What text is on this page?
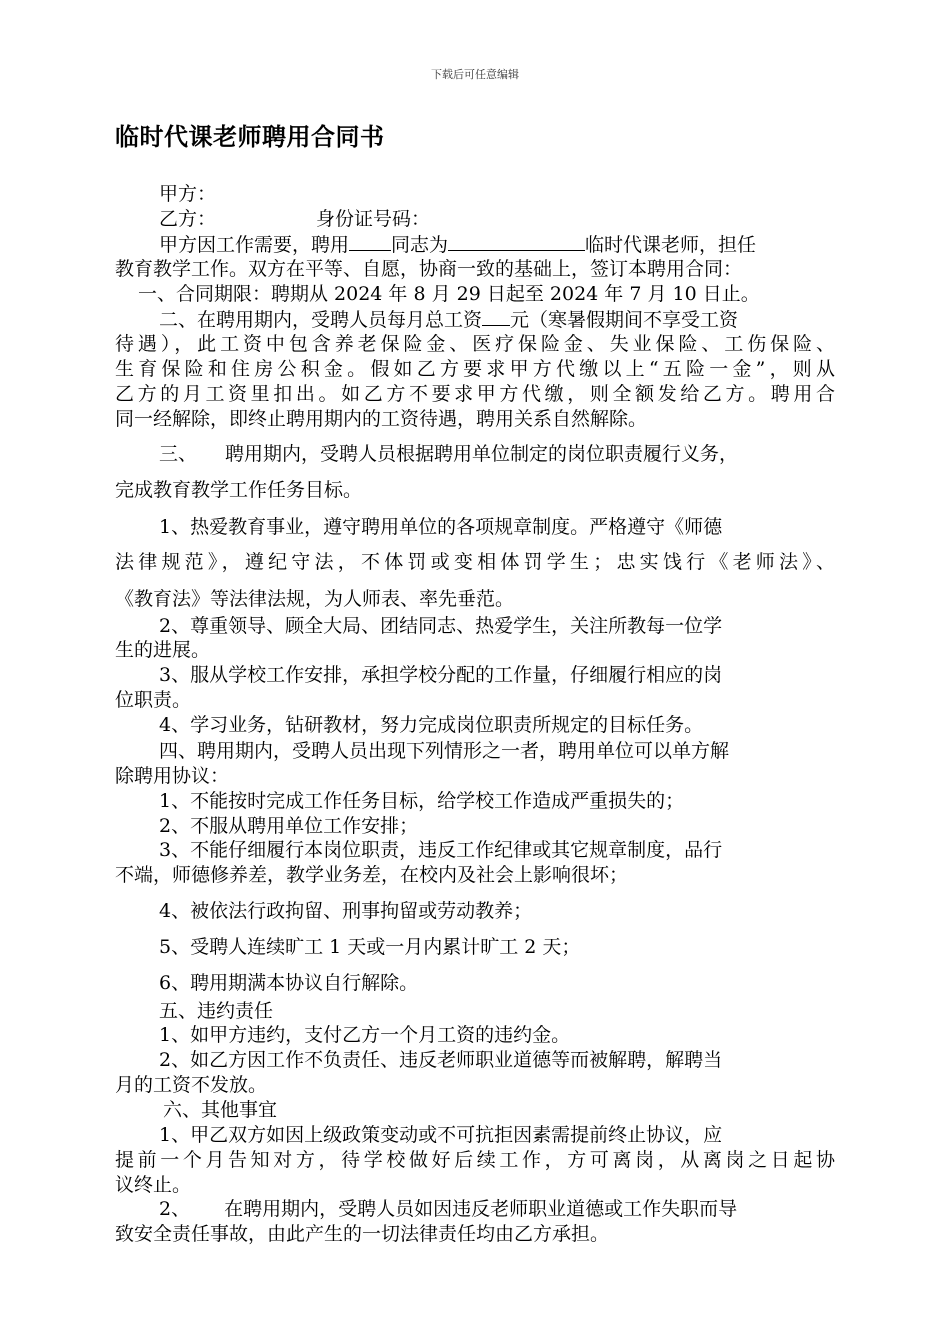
下载后可任意编辑
临时代课老师聘用合同书
甲方：
乙方：	身份证号码：
甲方因工作需要，聘用 同志为	临时代课老师，担任
教育教学工作。双方在平等、自愿，协商一致的基础上，签订本聘用合同：
一、合同期限：聘期从 2024 年 8 月 29 日起至 2024 年 7 月 10 日止。
二、在聘用期内，受聘人员每月总工资 元（寒暑假期间不享受工资
待遇），此工资中包含养老保险金、医疗保险金、失业保险、工伤保险、
生育保险和住房公积金。假如乙方要求甲方代缴以上“五险一金”，则从
乙方的月工资里扣出。如乙方不要求甲方代缴，则全额发给乙方。聘用合
同一经解除，即终止聘用期内的工资待遇，聘用关系自然解除。
三、 聘用期内，受聘人员根据聘用单位制定的岗位职责履行义务，
完成教育教学工作任务目标。
1、热爱教育事业，遵守聘用单位的各项规章制度。严格遵守《师德
法律规范》，遵纪守法，不体罚或变相体罚学生；忠实饯行《老师法》、
《教育法》等法律法规，为人师表、率先垂范。
2、尊重领导、顾全大局、团结同志、热爱学生，关注所教每一位学
生的进展。
3、服从学校工作安排，承担学校分配的工作量，仔细履行相应的岗
位职责。
4、学习业务，钻研教材，努力完成岗位职责所规定的目标任务。
四、聘用期内，受聘人员出现下列情形之一者，聘用单位可以单方解
除聘用协议：
1、不能按时完成工作任务目标，给学校工作造成严重损失的；
2、不服从聘用单位工作安排；
3、不能仔细履行本岗位职责，违反工作纪律或其它规章制度，品行
不端，师德修养差，教学业务差，在校内及社会上影响很坏；
4、被依法行政拘留、刑事拘留或劳动教养；
5、受聘人连续旷工 1 天或一月内累计旷工 2 天；
6、聘用期满本协议自行解除。
五、违约责任
1、如甲方违约，支付乙方一个月工资的违约金。
2、如乙方因工作不负责任、违反老师职业道德等而被解聘，解聘当
月的工资不发放。
六、其他事宜
1、甲乙双方如因上级政策变动或不可抗拒因素需提前终止协议，应
提前一个月告知对方，待学校做好后续工作，方可离岗，从离岗之日起协
议终止。
2、 在聘用期内，受聘人员如因违反老师职业道德或工作失职而导
致安全责任事故，由此产生的一切法律责任均由乙方承担。
